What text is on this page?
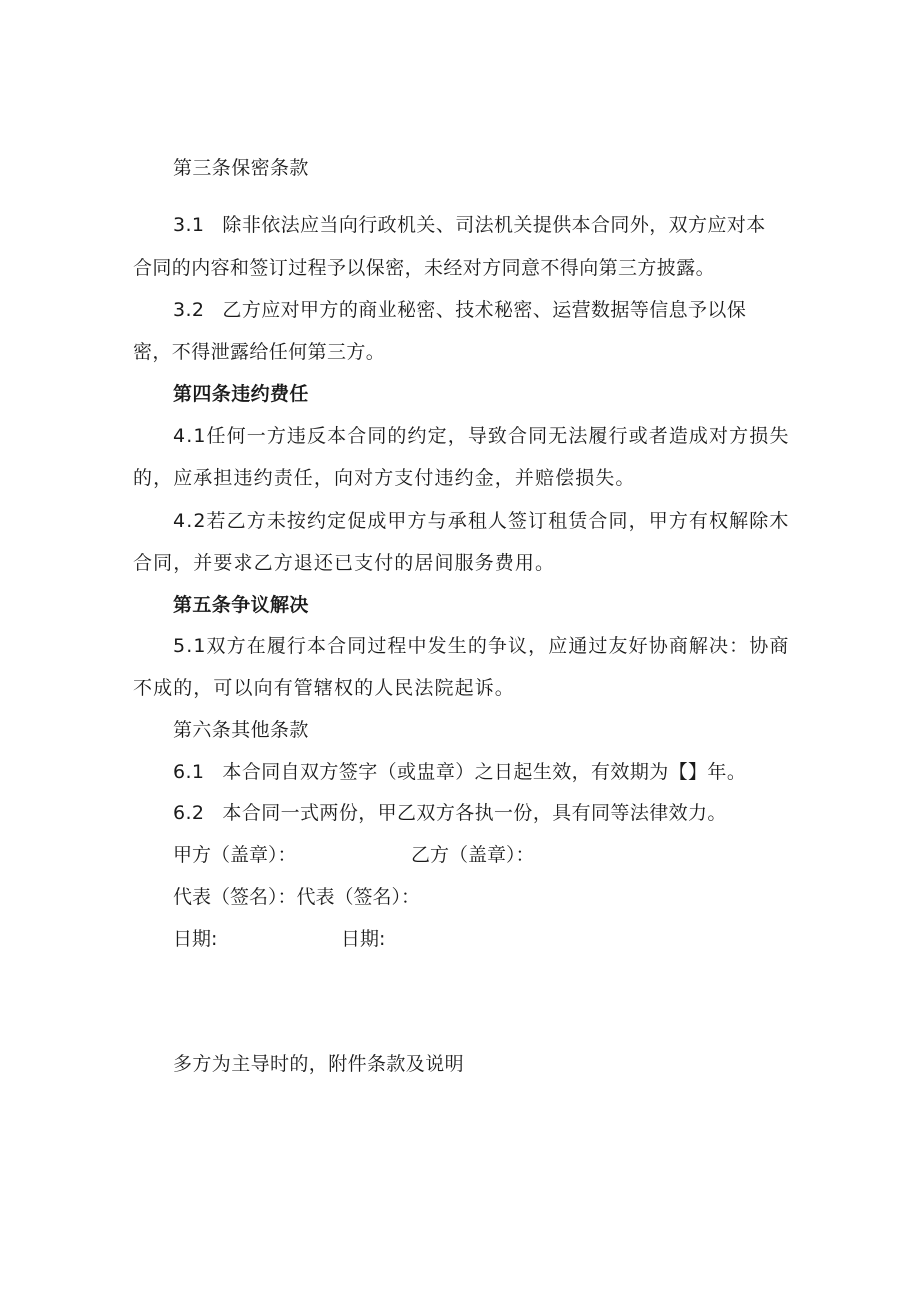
第三条保密条款
3.1 除非依法应当向行政机关、司法机关提供本合同外，双方应对本
合同的内容和签订过程予以保密，未经对方同意不得向第三方披露。
3.2 乙方应对甲方的商业秘密、技术秘密、运营数据等信息予以保
密，不得泄露给任何第三方。
第四条违约费任
4.1任何一方违反本合同的约定，导致合同无法履行或者造成对方损失
的，应承担违约责任，向对方支付违约金，并赔偿损失。
4.2若乙方未按约定促成甲方与承租人签订租赁合同，甲方有权解除木
合同，并要求乙方退还已支付的居间服务费用。
第五条争议解决
5.1双方在履行本合同过程中发生的争议，应通过友好协商解决：协商
不成的，可以向有管辖权的人民法院起诉。
第六条其他条款
6.1 本合同自双方签字（或盅章）之日起生效，有效期为【】年。
6.2 本合同一式两份，甲乙双方各执一份，具有同等法律效力。
甲方（盖章）：	乙方（盖章）：
代表（签名）：代表（签名）：
日期:	日期:
多方为主导时的，附件条款及说明
